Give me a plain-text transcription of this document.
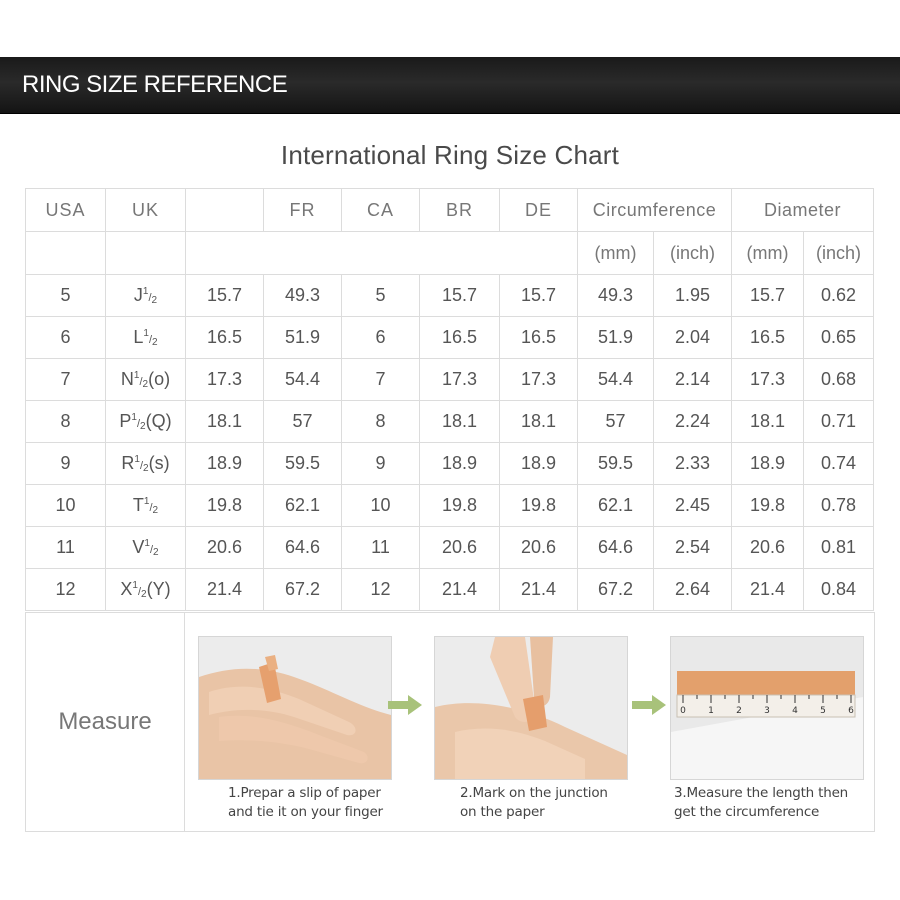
RING SIZE REFERENCE
International Ring Size Chart
USA	UK		FR	CA	BR	DE	Circumference		Diameter	
							(mm)	(inch)	(mm)	(inch)
5	$J^1/_2$	15.7	49.3	5	15.7	15.7	49.3	1.95	15.7	0.62
6	$L^1/_2$	16.5	51.9	6	16.5	16.5	51.9	2.04	16.5	0.65
7	$N^1/_2(o)$	17.3	54.4	7	17.3	17.3	54.4	2.14	17.3	0.68
8	$P^1/_2(Q)$	18.1	57	8	18.1	18.1	57	2.24	18.1	0.71
9	$R^1/_2(s)$	18.9	59.5	9	18.9	18.9	59.5	2.33	18.9	0.74
10	$T^1/_2$	19.8	62.1	10	19.8	19.8	62.1	2.45	19.8	0.78
11	$V^1/_2$	20.6	64.6	11	20.6	20.6	64.6	2.54	20.6	0.81
12	$X^1/_2(Y)$	21.4	67.2	12	21.4	21.4	67.2	2.64	21.4	0.84
Measure	0 1 2 3 4 5 6
1.Prepar a slip of paper
and tie it on your finger
2.Mark on the junction
on the paper
3.Measure the length then
get the circumference
